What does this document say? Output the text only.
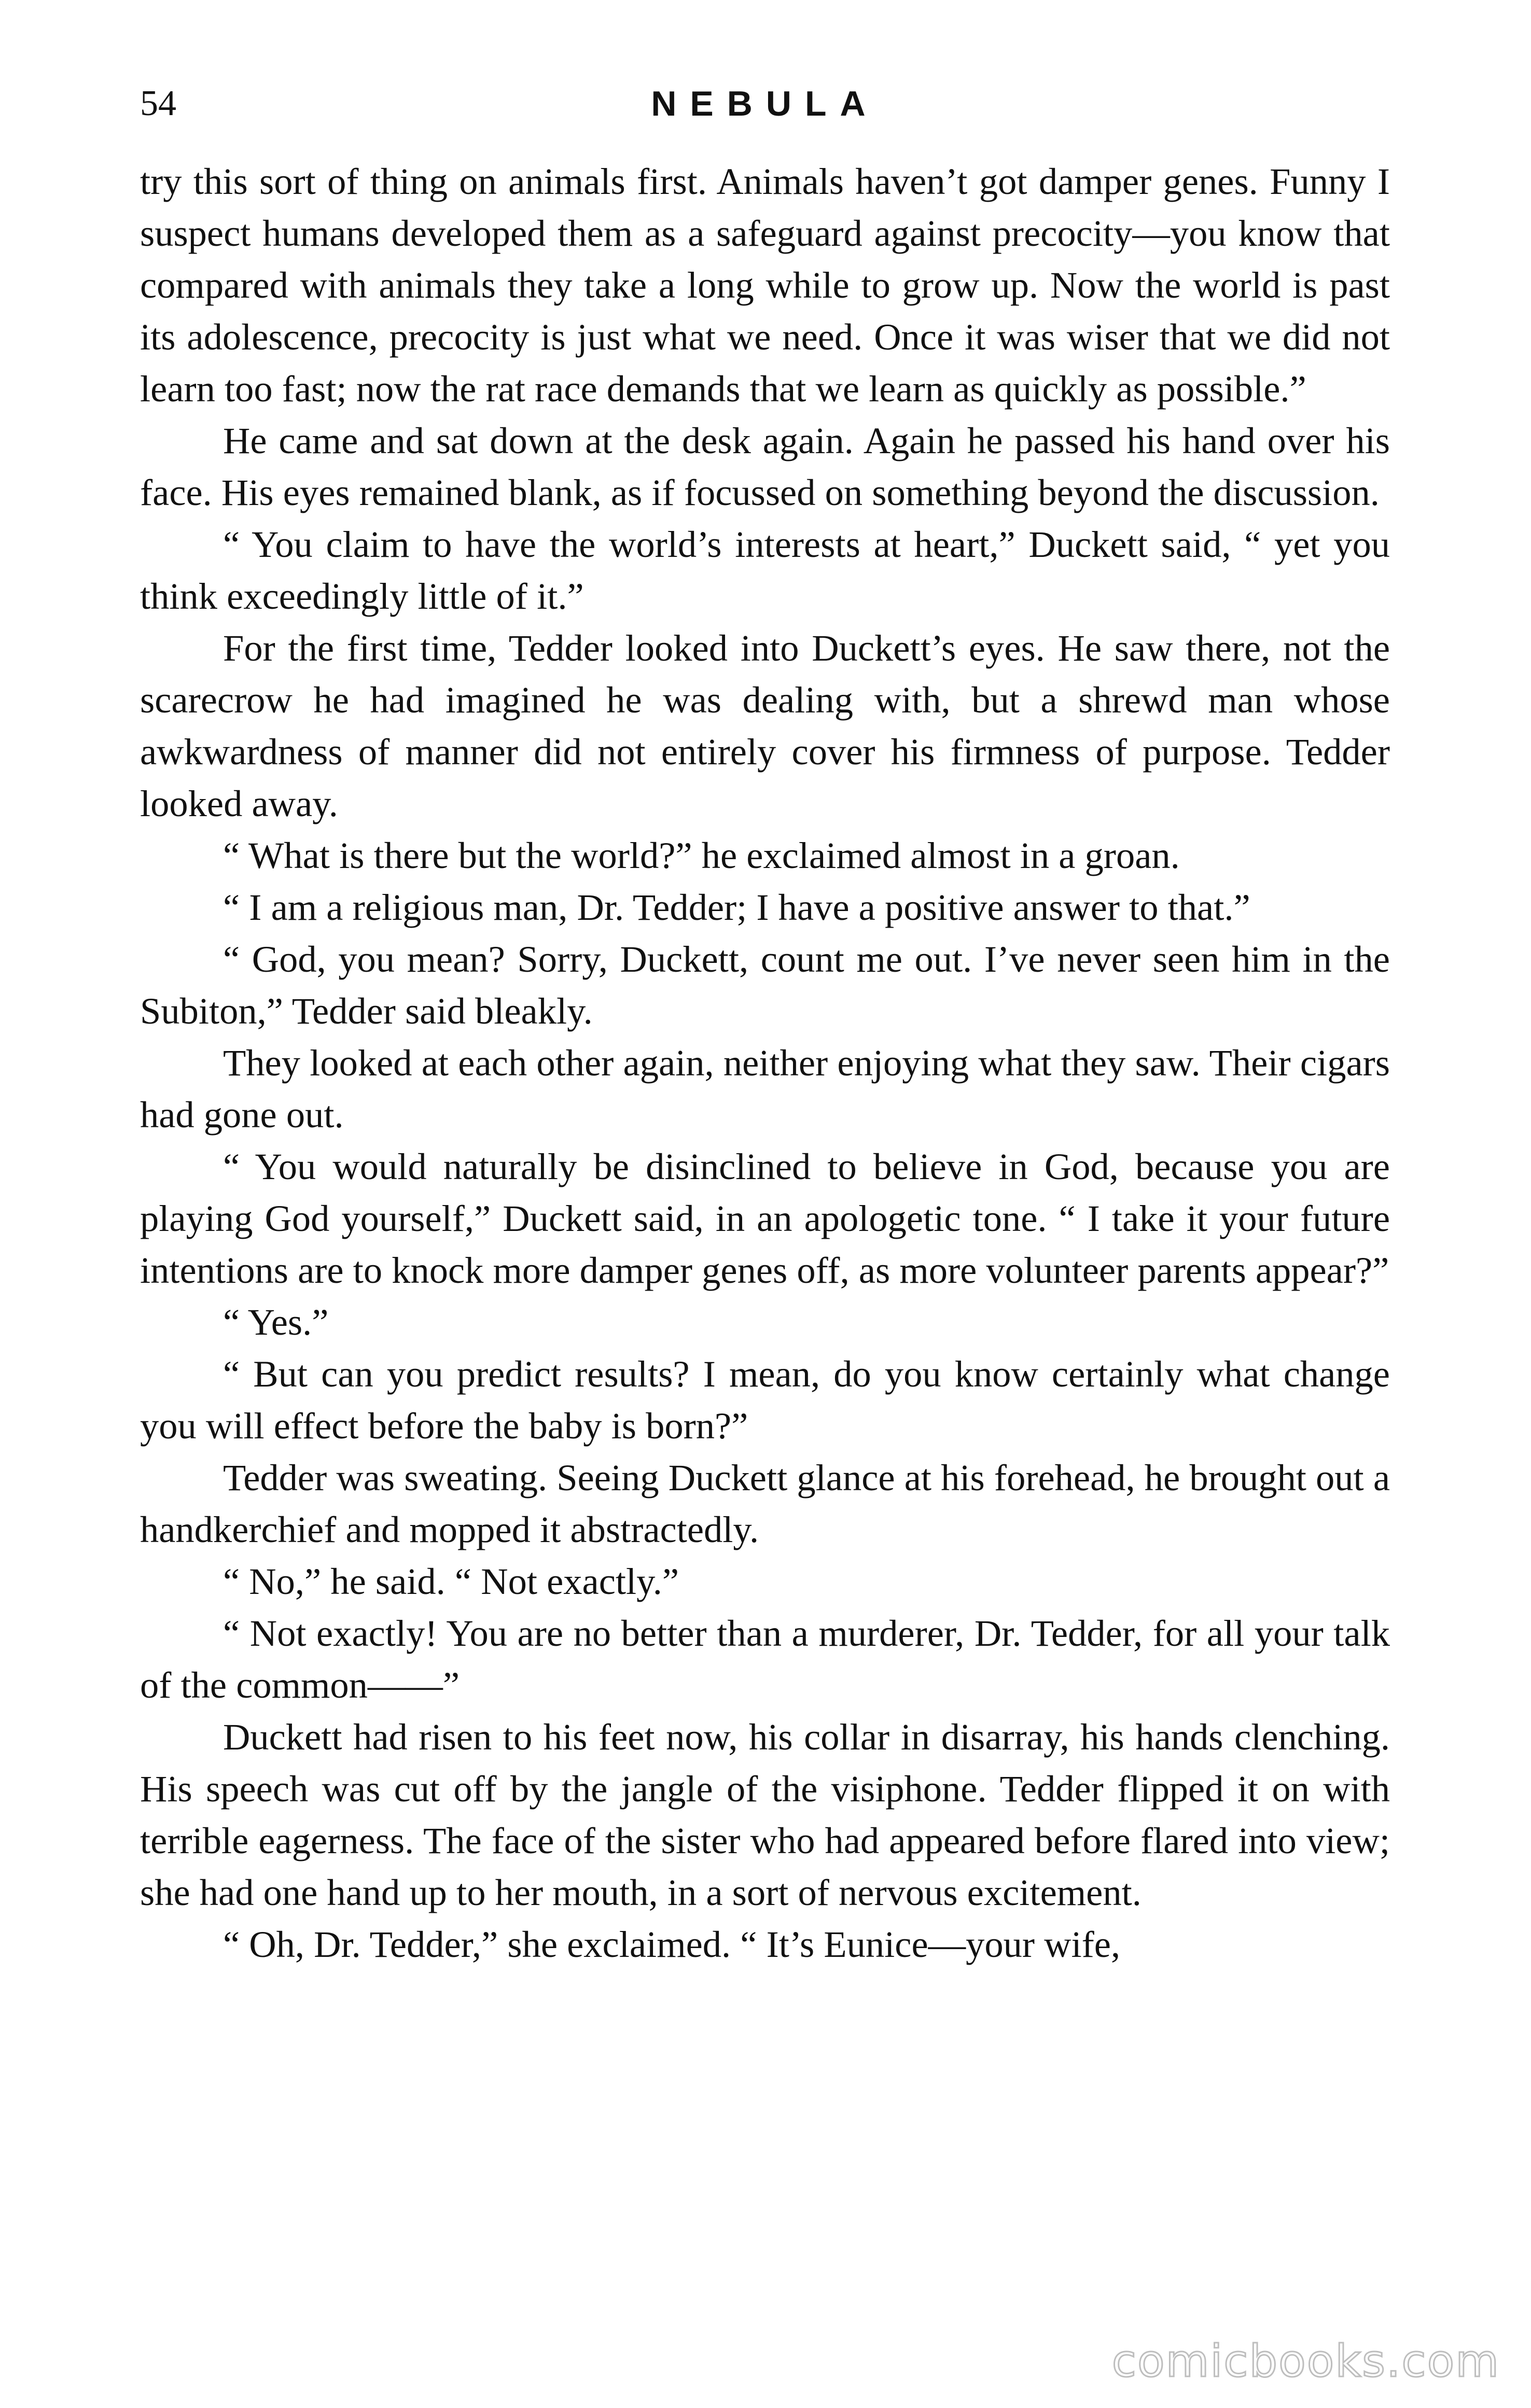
54	NEBULA

try this sort of thing on animals first. Animals haven’t got damper genes. Funny I suspect humans developed them as a safeguard against precocity—you know that compared with animals they take a long while to grow up. Now the world is past its adolescence, precocity is just what we need. Once it was wiser that we did not learn too fast; now the rat race demands that we learn as quickly as possible.”

He came and sat down at the desk again. Again he passed his hand over his face. His eyes remained blank, as if focussed on something beyond the discussion.

“ You claim to have the world’s interests at heart,” Duckett said, “ yet you think exceedingly little of it.”

For the first time, Tedder looked into Duckett’s eyes. He saw there, not the scarecrow he had imagined he was dealing with, but a shrewd man whose awkwardness of manner did not entirely cover his firmness of purpose. Tedder looked away.

“ What is there but the world?” he exclaimed almost in a groan.

“ I am a religious man, Dr. Tedder; I have a positive answer to that.”

“ God, you mean? Sorry, Duckett, count me out. I’ve never seen him in the Subiton,” Tedder said bleakly.

They looked at each other again, neither enjoying what they saw. Their cigars had gone out.

“ You would naturally be disinclined to believe in God, because you are playing God yourself,” Duckett said, in an apologetic tone. “ I take it your future intentions are to knock more damper genes off, as more volunteer parents appear?”

“ Yes.”

“ But can you predict results? I mean, do you know certainly what change you will effect before the baby is born?”

Tedder was sweating. Seeing Duckett glance at his forehead, he brought out a handkerchief and mopped it abstractedly.

“ No,” he said. “ Not exactly.”

“ Not exactly! You are no better than a murderer, Dr. Tedder, for all your talk of the common——”

Duckett had risen to his feet now, his collar in disarray, his hands clenching. His speech was cut off by the jangle of the visiphone. Tedder flipped it on with terrible eagerness. The face of the sister who had appeared before flared into view; she had one hand up to her mouth, in a sort of nervous excitement.

“ Oh, Dr. Tedder,” she exclaimed. “ It’s Eunice—your wife,

comicbooks.com
